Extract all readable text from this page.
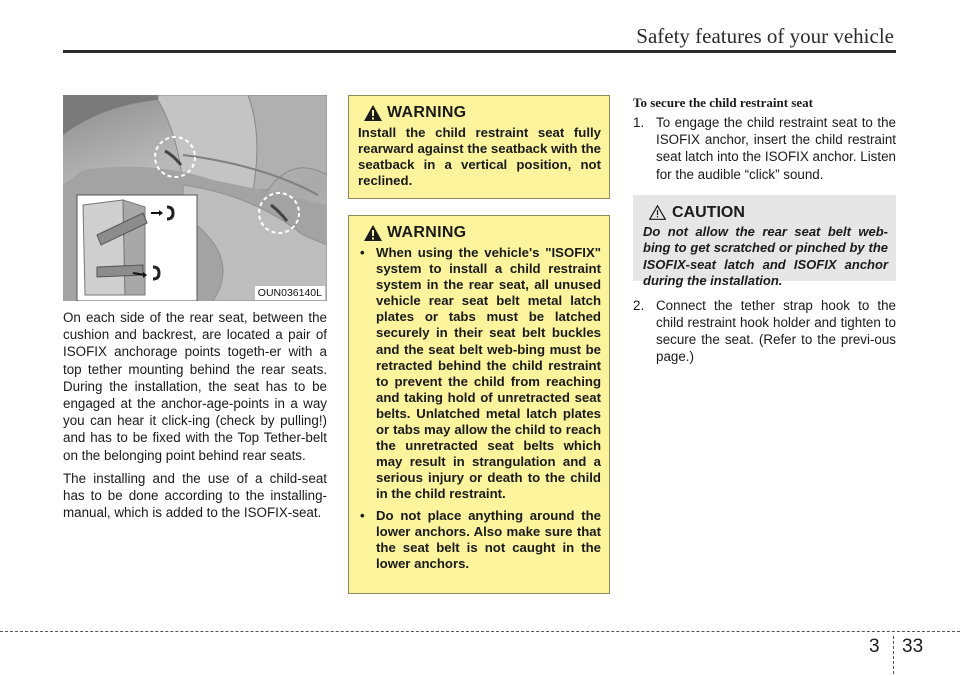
Safety features of your vehicle
OUN036140L

On each side of the rear seat, between the cushion and backrest, are located a pair of ISOFIX anchorage points togeth-er with a top tether mounting behind the rear seats. During the installation, the seat has to be engaged at the anchor-age-points in a way you can hear it click-ing (check by pulling!) and has to be fixed with the Top Tether-belt on the belonging point behind rear seats.

The installing and the use of a child-seat has to be done according to the installing-manual, which is added to the ISOFIX-seat.

WARNING

Install the child restraint seat fully rearward against the seatback with the seatback in a vertical position, not reclined.

WARNING
• When using the vehicle's "ISOFIX" system to install a child restraint system in the rear seat, all unused vehicle rear seat belt metal latch plates or tabs must be latched securely in their seat belt buckles and the seat belt web-bing must be retracted behind the child restraint to prevent the child from reaching and taking hold of unretracted seat belts. Unlatched metal latch plates or tabs may allow the child to reach the unretracted seat belts which may result in strangulation and a serious injury or death to the child in the child restraint.
• Do not place anything around the lower anchors. Also make sure that the seat belt is not caught in the lower anchors.
To secure the child restraint seat
1. To engage the child restraint seat to the ISOFIX anchor, insert the child restraint seat latch into the ISOFIX anchor. Listen for the audible “click” sound.
CAUTION

Do not allow the rear seat belt web-bing to get scratched or pinched by the ISOFIX-seat latch and ISOFIX anchor during the installation.

2. Connect the tether strap hook to the child restraint hook holder and tighten to secure the seat. (Refer to the previ-ous page.)
3 33
